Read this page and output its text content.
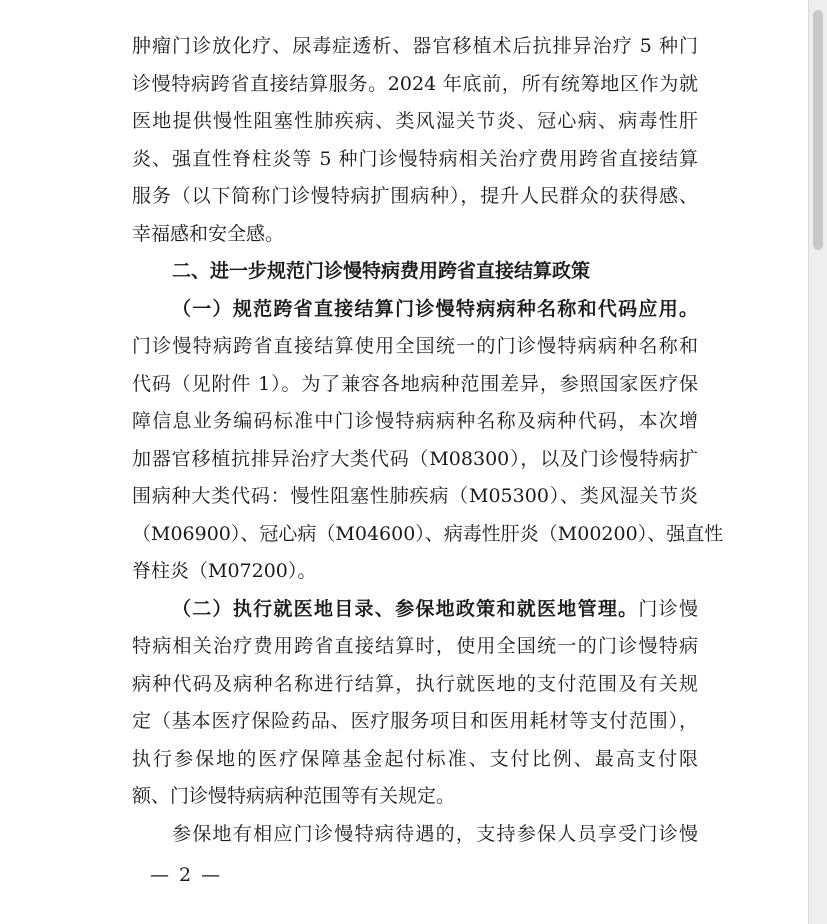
肿瘤门诊放化疗、尿毒症透析、器官移植术后抗排异治疗 5 种门
诊慢特病跨省直接结算服务。2024 年底前，所有统筹地区作为就
医地提供慢性阻塞性肺疾病、类风湿关节炎、冠心病、病毒性肝
炎、强直性脊柱炎等 5 种门诊慢特病相关治疗费用跨省直接结算
服务（以下简称门诊慢特病扩围病种），提升人民群众的获得感、
幸福感和安全感。
二、进一步规范门诊慢特病费用跨省直接结算政策
（一）规范跨省直接结算门诊慢特病病种名称和代码应用。
门诊慢特病跨省直接结算使用全国统一的门诊慢特病病种名称和
代码（见附件 1）。为了兼容各地病种范围差异，参照国家医疗保
障信息业务编码标准中门诊慢特病病种名称及病种代码，本次增
加器官移植抗排异治疗大类代码（M08300），以及门诊慢特病扩
围病种大类代码：慢性阻塞性肺疾病（M05300）、类风湿关节炎
（M06900）、冠心病（M04600）、病毒性肝炎（M00200）、强直性
脊柱炎（M07200）。
（二）执行就医地目录、参保地政策和就医地管理。门诊慢
特病相关治疗费用跨省直接结算时，使用全国统一的门诊慢特病
病种代码及病种名称进行结算，执行就医地的支付范围及有关规
定（基本医疗保险药品、医疗服务项目和医用耗材等支付范围），
执行参保地的医疗保障基金起付标准、支付比例、最高支付限
额、门诊慢特病病种范围等有关规定。
参保地有相应门诊慢特病待遇的，支持参保人员享受门诊慢
— 2 —
